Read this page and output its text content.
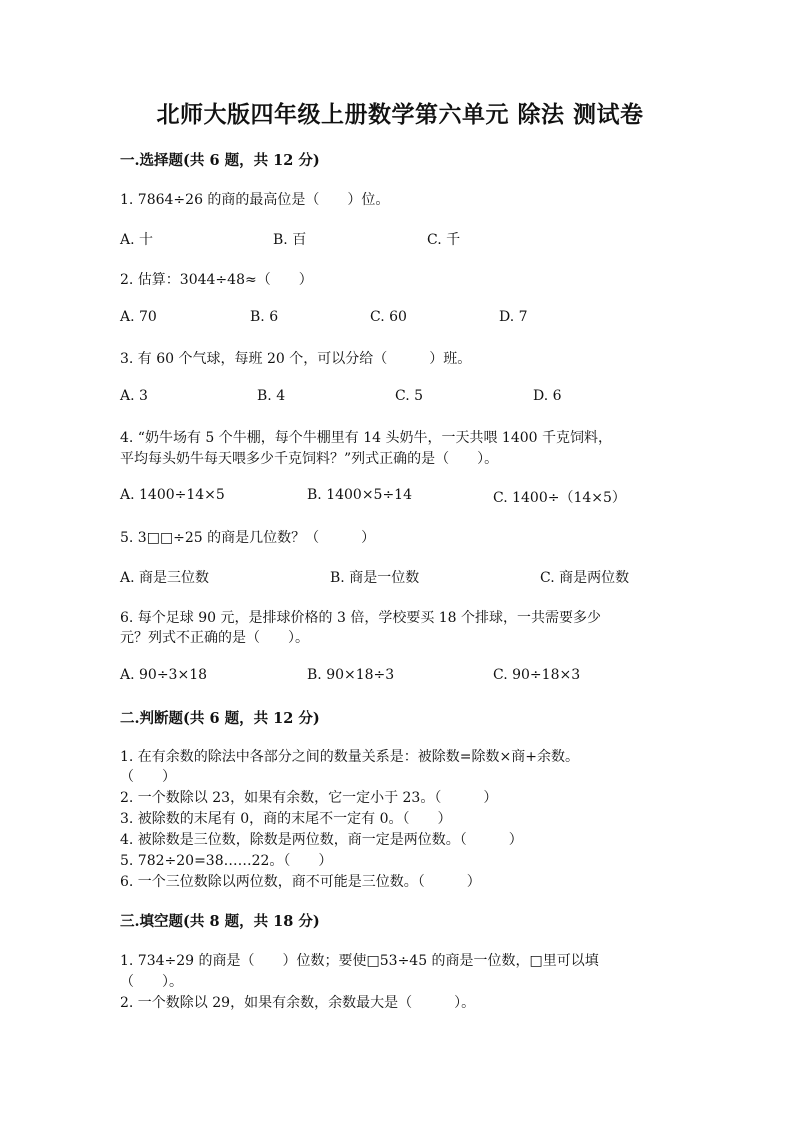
北师大版四年级上册数学第六单元 除法 测试卷
一.选择题(共 6 题，共 12 分)

1. 7864÷26 的商的最高位是（　　）位。

A. 十	B. 百	C. 千

2. 估算：3044÷48≈（　　）

A. 70	B. 6	C. 60	D. 7

3. 有 60 个气球，每班 20 个，可以分给（　　　）班。

A. 3	B. 4	C. 5	D. 6

4. “奶牛场有 5 个牛棚，每个牛棚里有 14 头奶牛，一天共喂 1400 千克饲料，

平均每头奶牛每天喂多少千克饲料？”列式正确的是（　　）。

A. 1400÷14×5	B. 1400×5÷14	C. 1400÷（14×5）

5. 3□□÷25 的商是几位数？（　　　）

A. 商是三位数	B. 商是一位数	C. 商是两位数

6. 每个足球 90 元，是排球价格的 3 倍，学校要买 18 个排球，一共需要多少

元？列式不正确的是（　　）。

A. 90÷3×18	B. 90×18÷3	C. 90÷18×3
二.判断题(共 6 题，共 12 分)

1. 在有余数的除法中各部分之间的数量关系是：被除数=除数×商+余数。

（　　）

2. 一个数除以 23，如果有余数，它一定小于 23。（　　　）

3. 被除数的末尾有 0，商的末尾不一定有 0。（　　）

4. 被除数是三位数，除数是两位数，商一定是两位数。（　　　）

5. 782÷20=38……22。（　　）

6. 一个三位数除以两位数，商不可能是三位数。（　　　）

三.填空题(共 8 题，共 18 分)

1. 734÷29 的商是（　　）位数；要使□53÷45 的商是一位数，□里可以填

（　　）。

2. 一个数除以 29，如果有余数，余数最大是（　　　）。
